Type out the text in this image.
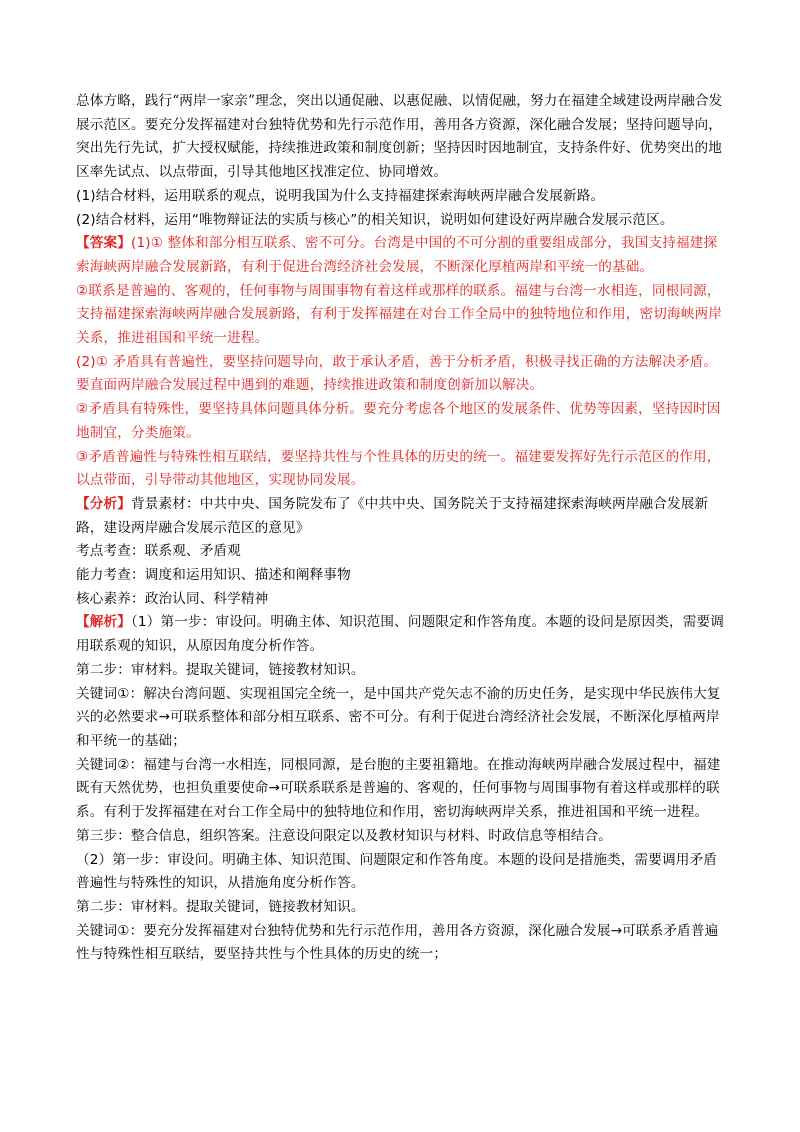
总体方略，践行“两岸一家亲”理念，突出以通促融、以惠促融、以情促融，努力在福建全域建设两岸融合发展示范区。要充分发挥福建对台独特优势和先行示范作用，善用各方资源，深化融合发展；坚持问题导向，突出先行先试，扩大授权赋能，持续推进政策和制度创新；坚持因时因地制宜，支持条件好、优势突出的地区率先试点、以点带面，引导其他地区找准定位、协同增效。

(1)结合材料，运用联系的观点，说明我国为什么支持福建探索海峡两岸融合发展新路。

(2)结合材料，运用“唯物辩证法的实质与核心”的相关知识，说明如何建设好两岸融合发展示范区。

【答案】(1)① 整体和部分相互联系、密不可分。台湾是中国的不可分割的重要组成部分，我国支持福建探索海峡两岸融合发展新路，有利于促进台湾经济社会发展，不断深化厚植两岸和平统一的基础。

②联系是普遍的、客观的，任何事物与周围事物有着这样或那样的联系。福建与台湾一水相连，同根同源，支持福建探索海峡两岸融合发展新路，有利于发挥福建在对台工作全局中的独特地位和作用，密切海峡两岸关系，推进祖国和平统一进程。

(2)① 矛盾具有普遍性，要坚持问题导向，敢于承认矛盾，善于分析矛盾，积极寻找正确的方法解决矛盾。要直面两岸融合发展过程中遇到的难题，持续推进政策和制度创新加以解决。

②矛盾具有特殊性，要坚持具体问题具体分析。要充分考虑各个地区的发展条件、优势等因素，坚持因时因地制宜，分类施策。

③矛盾普遍性与特殊性相互联结，要坚持共性与个性具体的历史的统一。福建要发挥好先行示范区的作用，以点带面，引导带动其他地区，实现协同发展。

【分析】背景素材：中共中央、国务院发布了《中共中央、国务院关于支持福建探索海峡两岸融合发展新路，建设两岸融合发展示范区的意见》

考点考查：联系观、矛盾观

能力考查：调度和运用知识、描述和阐释事物

核心素养：政治认同、科学精神

【解析】（1）第一步：审设问。明确主体、知识范围、问题限定和作答角度。本题的设问是原因类，需要调用联系观的知识，从原因角度分析作答。

第二步：审材料。提取关键词，链接教材知识。

关键词①：解决台湾问题、实现祖国完全统一，是中国共产党矢志不渝的历史任务，是实现中华民族伟大复兴的必然要求→可联系整体和部分相互联系、密不可分。有利于促进台湾经济社会发展，不断深化厚植两岸和平统一的基础；

关键词②：福建与台湾一水相连，同根同源，是台胞的主要祖籍地。在推动海峡两岸融合发展过程中，福建既有天然优势，也担负重要使命→可联系联系是普遍的、客观的，任何事物与周围事物有着这样或那样的联系。有利于发挥福建在对台工作全局中的独特地位和作用，密切海峡两岸关系，推进祖国和平统一进程。

第三步：整合信息，组织答案。注意设问限定以及教材知识与材料、时政信息等相结合。

（2）第一步：审设问。明确主体、知识范围、问题限定和作答角度。本题的设问是措施类，需要调用矛盾普遍性与特殊性的知识，从措施角度分析作答。

第二步：审材料。提取关键词，链接教材知识。

关键词①：要充分发挥福建对台独特优势和先行示范作用，善用各方资源，深化融合发展→可联系矛盾普遍性与特殊性相互联结，要坚持共性与个性具体的历史的统一；
